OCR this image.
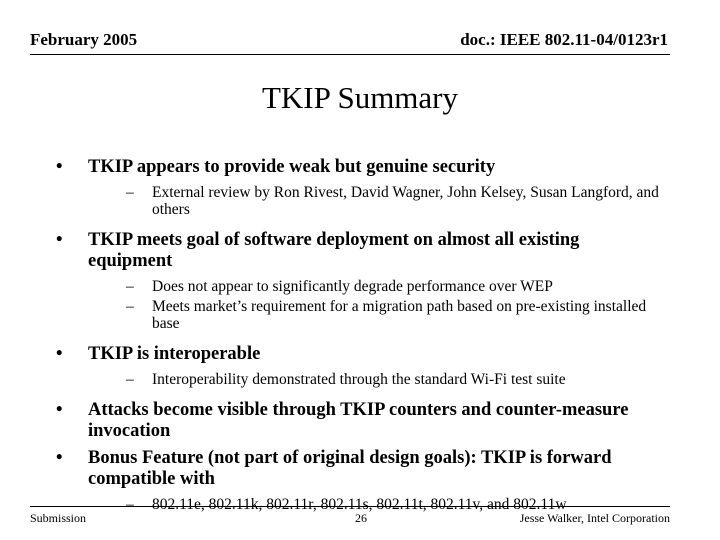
February 2005	doc.: IEEE 802.11-04/0123r1
TKIP Summary
• TKIP appears to provide weak but genuine security
– External review by Ron Rivest, David Wagner, John Kelsey, Susan Langford, and others
• TKIP meets goal of software deployment on almost all existing equipment
– Does not appear to significantly degrade performance over WEP
– Meets market’s requirement for a migration path based on pre-existing installed base
• TKIP is interoperable
– Interoperability demonstrated through the standard Wi-Fi test suite
• Attacks become visible through TKIP counters and counter-measure invocation
• Bonus Feature (not part of original design goals): TKIP is forward compatible with
– 802.11e, 802.11k, 802.11r, 802.11s, 802.11t, 802.11v, and 802.11w
Submission	26	Jesse Walker, Intel Corporation
